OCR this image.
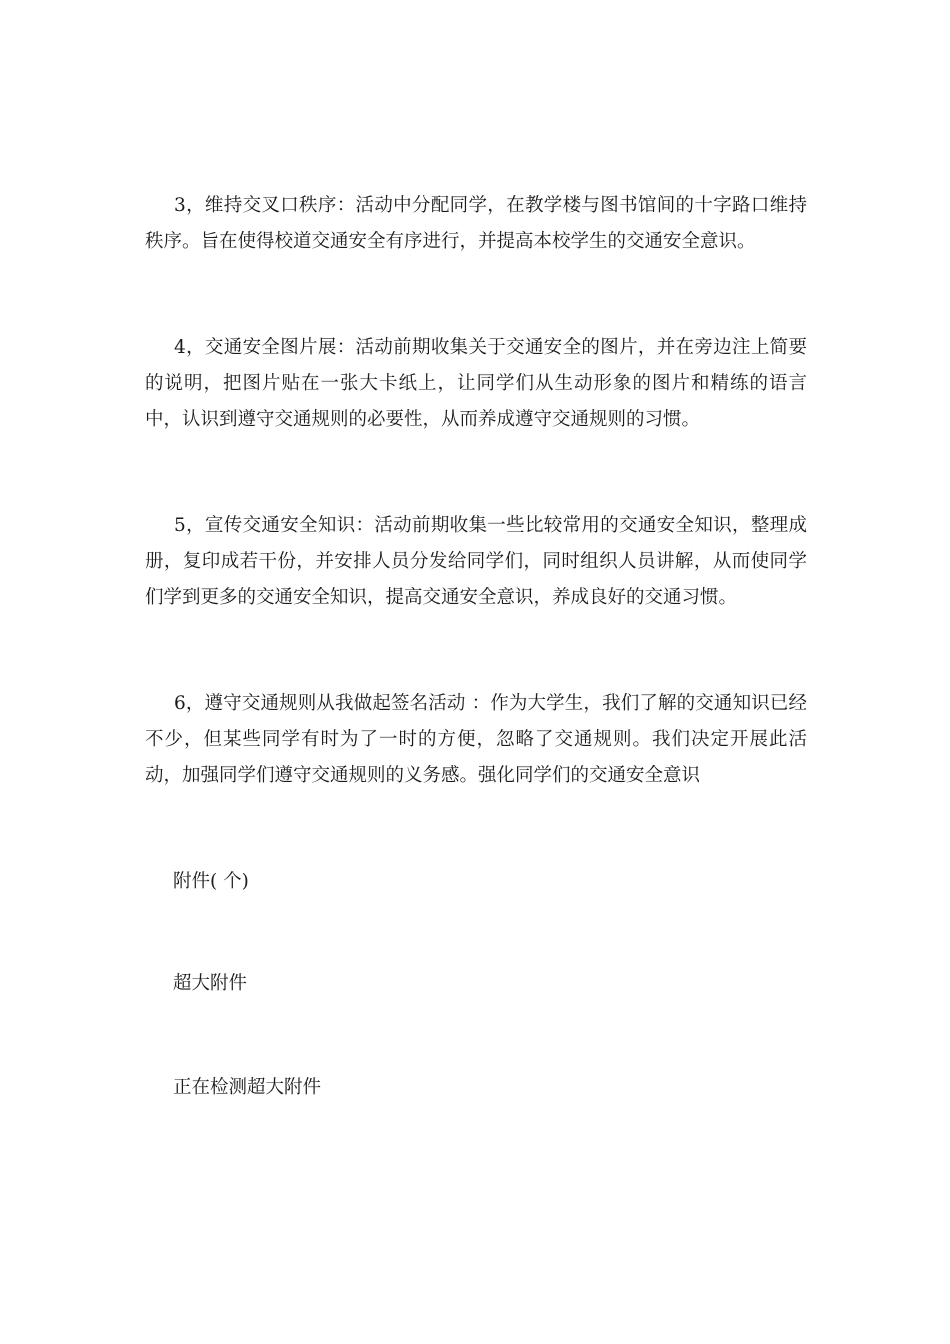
3，维持交叉口秩序：活动中分配同学，在教学楼与图书馆间的十字路口维持秩序。旨在使得校道交通安全有序进行，并提高本校学生的交通安全意识。

4，交通安全图片展：活动前期收集关于交通安全的图片，并在旁边注上简要的说明，把图片贴在一张大卡纸上，让同学们从生动形象的图片和精练的语言中，认识到遵守交通规则的必要性，从而养成遵守交通规则的习惯。

5，宣传交通安全知识：活动前期收集一些比较常用的交通安全知识，整理成册，复印成若干份，并安排人员分发给同学们，同时组织人员讲解，从而使同学们学到更多的交通安全知识，提高交通安全意识，养成良好的交通习惯。

6，遵守交通规则从我做起签名活动 ：作为大学生，我们了解的交通知识已经不少，但某些同学有时为了一时的方便，忽略了交通规则。我们决定开展此活动，加强同学们遵守交通规则的义务感。强化同学们的交通安全意识

附件( 个)

超大附件

正在检测超大附件
